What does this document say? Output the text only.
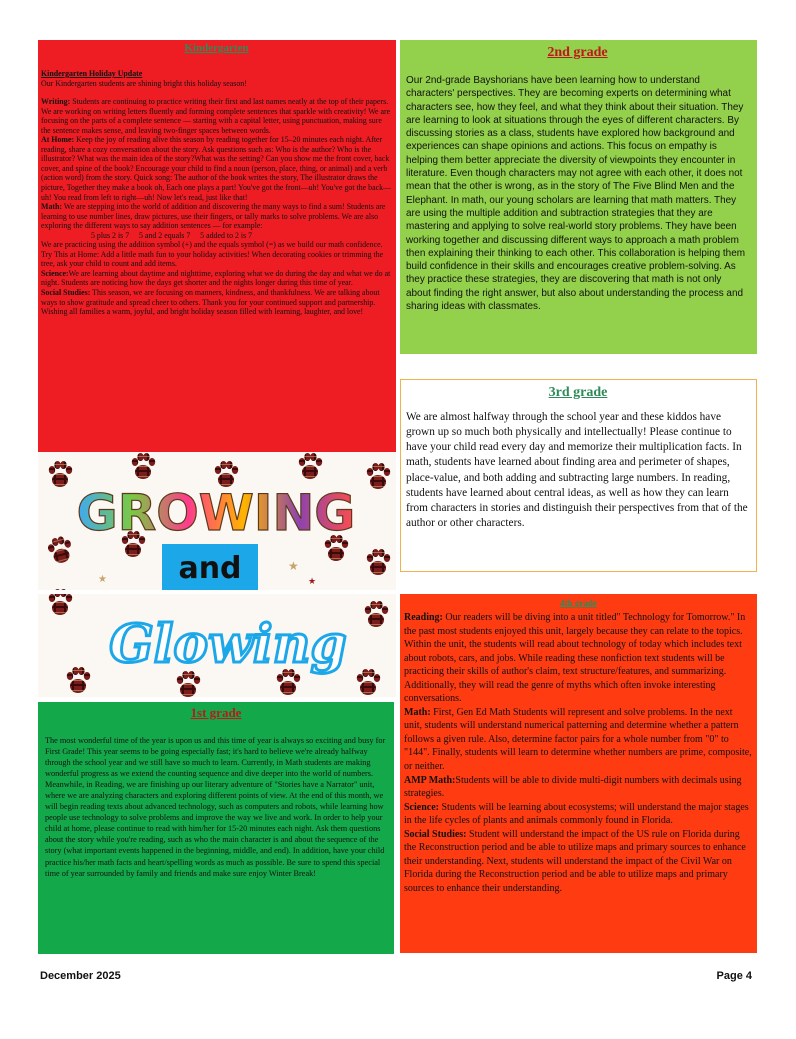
Kindergarten

Kindergarten Holiday Update

Our Kindergarten students are shining bright this holiday season!

Writing: Students are continuing to practice writing their first and last names neatly at the top of their papers. We are working on writing letters fluently and forming complete sentences that sparkle with creativity! We are focusing on the parts of a complete sentence — starting with a capital letter, using punctuation, making sure the sentence makes sense, and leaving two-finger spaces between words.

At Home: Keep the joy of reading alive this season by reading together for 15–20 minutes each night. After reading, share a cozy conversation about the story. Ask questions such as: Who is the author? Who is the illustrator? What was the main idea of the story?What was the setting? Can you show me the front cover, back cover, and spine of the book? Encourage your child to find a noun (person, place, thing, or animal) and a verb (action word) from the story. Quick song: The author of the book writes the story, The illustrator draws the picture, Together they make a book oh, Each one plays a part! You've got the front—uh! You've got the back—uh! You read from left to right—uh! Now let's read, just like that!

Math: We are stepping into the world of addition and discovering the many ways to find a sum! Students are learning to use number lines, draw pictures, use their fingers, or tally marks to solve problems. We are also exploring the different ways to say addition sentences — for example:

5 plus 2 is 7     5 and 2 equals 7     5 added to 2 is 7

We are practicing using the addition symbol (+) and the equals symbol (=) as we build our math confidence. Try This at Home: Add a little math fun to your holiday activities! When decorating cookies or trimming the tree, ask your child to count and add items.

Science:We are learning about daytime and nighttime, exploring what we do during the day and what we do at night. Students are noticing how the days get shorter and the nights longer during this time of year.

Social Studies: This season, we are focusing on manners, kindness, and thankfulness. We are talking about ways to show gratitude and spread cheer to others. Thank you for your continued support and partnership. Wishing all families a warm, joyful, and bright holiday season filled with learning, laughter, and love!

★
★
★
GROWING
and
Glowing
1st grade
The most wonderful time of the year is upon us and this time of year is always so exciting and busy for First Grade! This year seems to be going especially fast; it's hard to believe we're already halfway through the school year and we still have so much to learn. Currently, in Math students are making wonderful progress as we extend the counting sequence and dive deeper into the world of numbers. Meanwhile, in Reading, we are finishing up our literary adventure of "Stories have a Narrator" unit, where we are analyzing characters and exploring different points of view. At the end of this month, we will begin reading texts about advanced technology, such as computers and robots, while learning how people use technology to solve problems and improve the way we live and work. In order to help your child at home, please continue to read with him/her for 15-20 minutes each night. Ask them questions about the story while you're reading, such as who the main character is and about the sequence of the story (what important events happened in the beginning, middle, and end). In addition, have your child practice his/her math facts and heart/spelling words as much as possible. Be sure to spend this special time of year surrounded by family and friends and make sure enjoy Winter Break!
2nd grade
Our 2nd-grade Bayshorians have been learning how to understand characters' perspectives. They are becoming experts on determining what characters see, how they feel, and what they think about their situation. They are learning to look at situations through the eyes of different characters. By discussing stories as a class, students have explored how background and experiences can shape opinions and actions. This focus on empathy is helping them better appreciate the diversity of viewpoints they encounter in literature. Even though characters may not agree with each other, it does not mean that the other is wrong, as in the story of The Five Blind Men and the Elephant. In math, our young scholars are learning that math matters. They are using the multiple addition and subtraction strategies that they are mastering and applying to solve real-world story problems. They have been working together and discussing different ways to approach a math problem then explaining their thinking to each other. This collaboration is helping them build confidence in their skills and encourages creative problem-solving. As they practice these strategies, they are discovering that math is not only about finding the right answer, but also about understanding the process and sharing ideas with classmates.
3rd grade
We are almost halfway through the school year and these kiddos have grown up so much both physically and intellectually! Please continue to have your child read every day and memorize their multiplication facts. In math, students have learned about finding area and perimeter of shapes, place-value, and both adding and subtracting large numbers. In reading, students have learned about central ideas, as well as how they can learn from characters in stories and distinguish their perspectives from that of the author or other characters.
4th grade

Reading: Our readers will be diving into a unit titled" Technology for Tomorrow." In the past most students enjoyed this unit, largely because they can relate to the topics. Within the unit, the students will read about technology of today which includes text about robots, cars, and jobs. While reading these nonfiction text students will be practicing their skills of author's claim, text structure/features, and summarizing. Additionally, they will read the genre of myths which often invoke interesting conversations.

Math: First, Gen Ed Math Students will represent and solve problems. In the next unit, students will understand numerical patterning and determine whether a pattern follows a given rule. Also, determine factor pairs for a whole number from "0" to "144". Finally, students will learn to determine whether numbers are prime, composite, or neither.

AMP Math:Students will be able to divide multi-digit numbers with decimals using strategies.

Science: Students will be learning about ecosystems; will understand the major stages in the life cycles of plants and animals commonly found in Florida.

Social Studies: Student will understand the impact of the US rule on Florida during the Reconstruction period and be able to utilize maps and primary sources to enhance their understanding. Next, students will understand the impact of the Civil War on Florida during the Reconstruction period and be able to utilize maps and primary sources to enhance their understanding.

December 2025	Page 4
